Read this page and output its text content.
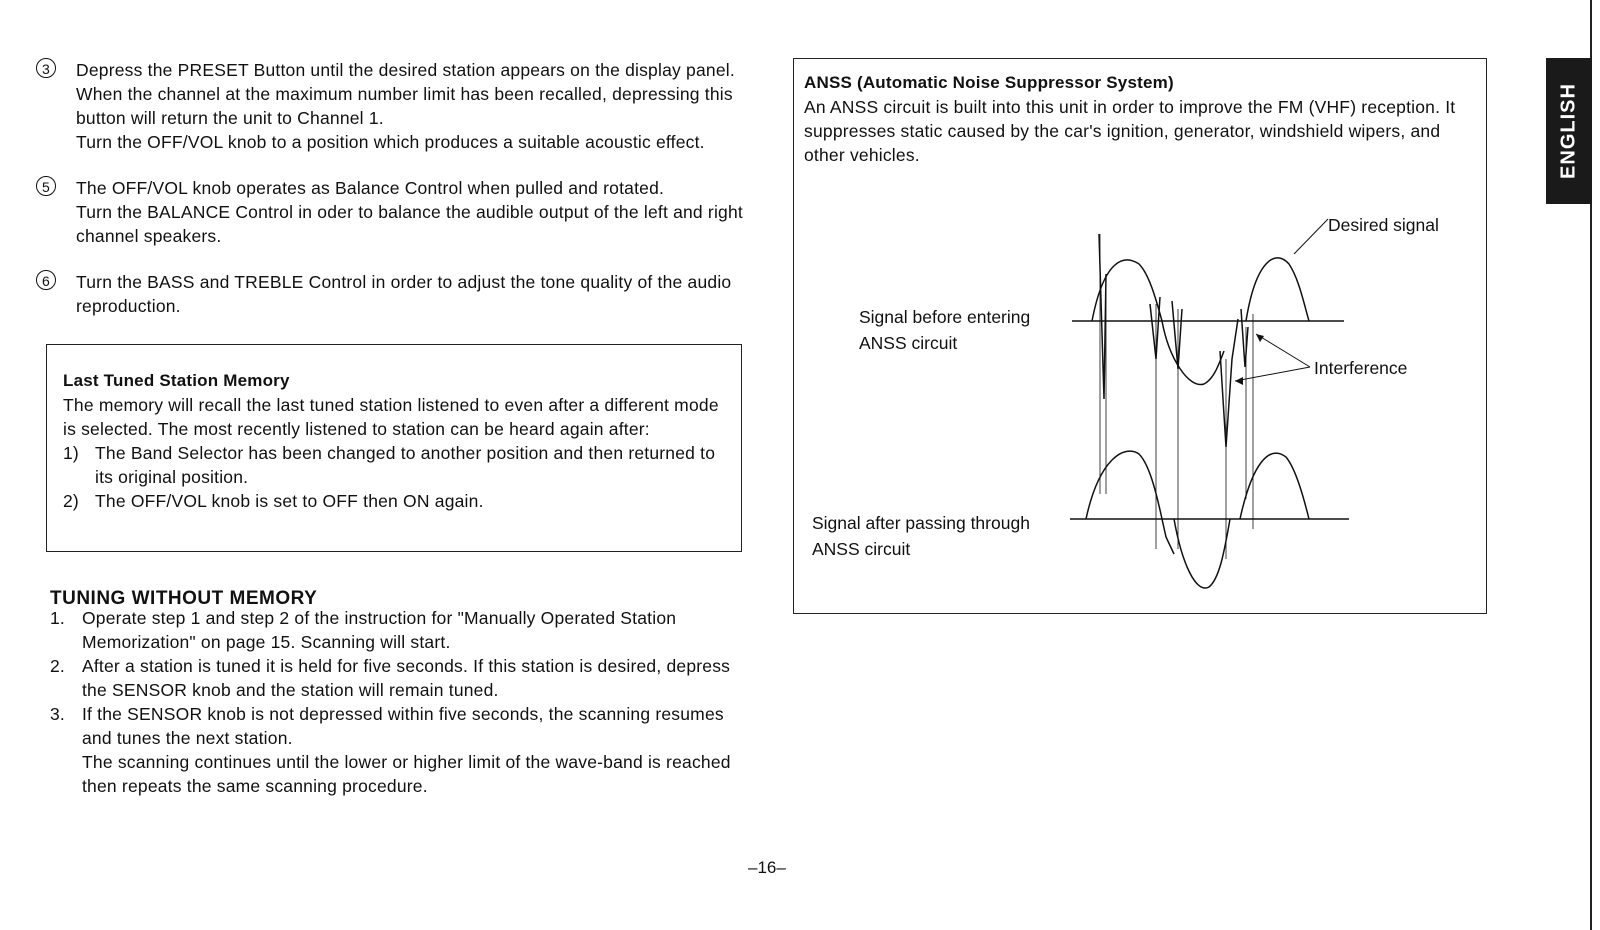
3	Depress the PRESET Button until the desired station appears on the display panel. When the channel at the maximum number limit has been recalled, depressing this button will return the unit to Channel 1.

Turn the OFF/VOL knob to a position which produces a suitable acoustic effect.

5	The OFF/VOL knob operates as Balance Control when pulled and rotated.

Turn the BALANCE Control in oder to balance the audible output of the left and right channel speakers.

6	Turn the BASS and TREBLE Control in order to adjust the tone quality of the audio reproduction.

Last Tuned Station Memory
The memory will recall the last tuned station listened to even after a different mode is selected. The most recently listened to station can be heard again after:
1) The Band Selector has been changed to another position and then returned to its original position.
2) The OFF/VOL knob is set to OFF then ON again.
TUNING WITHOUT MEMORY
1. Operate step 1 and step 2 of the instruction for "Manually Operated Station Memorization" on page 15. Scanning will start.
2. After a station is tuned it is held for five seconds. If this station is desired, depress the SENSOR knob and the station will remain tuned.
3. If the SENSOR knob is not depressed within five seconds, the scanning resumes and tunes the next station.
The scanning continues until the lower or higher limit of the wave-band is reached then repeats the same scanning procedure.
ANSS (Automatic Noise Suppressor System)
An ANSS circuit is built into this unit in order to improve the FM (VHF) reception. It suppresses static caused by the car's ignition, generator, windshield wipers, and other vehicles.
Desired signal
Signal before entering
ANSS circuit
Interference
Signal after passing through
ANSS circuit
ENGLISH
–16–
